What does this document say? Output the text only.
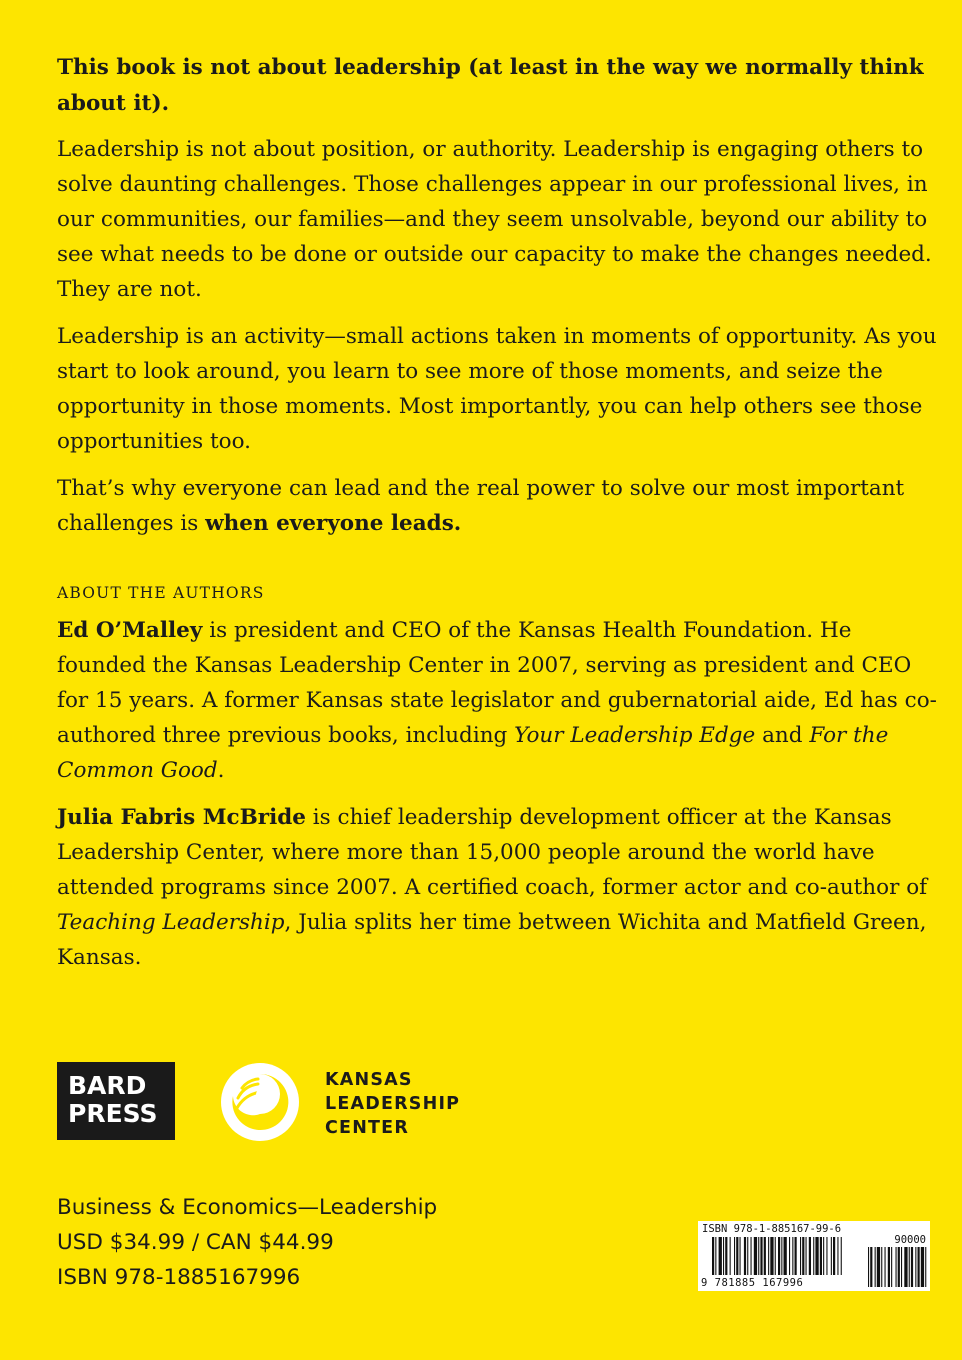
This book is not about leadership (at least in the way we normally think about it).

Leadership is not about position, or authority. Leadership is engaging others to solve daunting challenges. Those challenges appear in our professional lives, in our communities, our families—and they seem unsolvable, beyond our ability to see what needs to be done or outside our capacity to make the changes needed. They are not.

Leadership is an activity—small actions taken in moments of opportunity. As you start to look around, you learn to see more of those moments, and seize the opportunity in those moments. Most importantly, you can help others see those opportunities too.

That’s why everyone can lead and the real power to solve our most important challenges is when everyone leads.

ABOUT THE AUTHORS

Ed O’Malley is president and CEO of the Kansas Health Foundation. He founded the Kansas Leadership Center in 2007, serving as president and CEO for 15 years. A former Kansas state legislator and gubernatorial aide, Ed has co-authored three previous books, including Your Leadership Edge and For the Common Good.

Julia Fabris McBride is chief leadership development officer at the Kansas Leadership Center, where more than 15,000 people around the world have attended programs since 2007. A certified coach, former actor and co-author of Teaching Leadership, Julia splits her time between Wichita and Matfield Green, Kansas.

BARD
PRESS
KANSAS
LEADERSHIP
CENTER
Business & Economics—Leadership
USD $34.99 / CAN $44.99
ISBN 978-1885167996
ISBN 978-1-885167-99-6
90000
9 781885 167996
